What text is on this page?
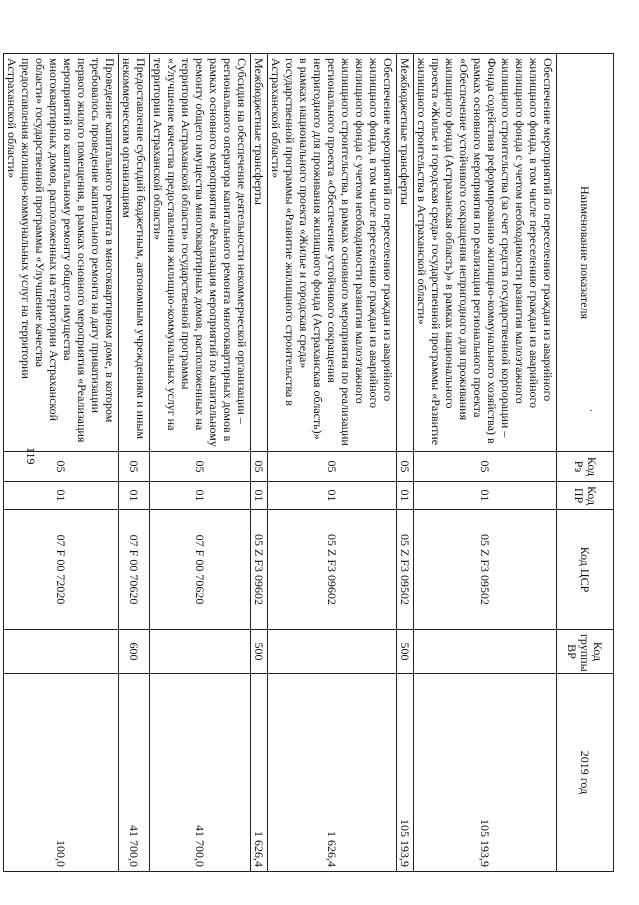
119
Наименование показателя	Код Рз	Код ПР	Код ЦСР	Код группы ВР	2019 год
Обеспечение мероприятий по переселению граждан из аварийного жилищного фонда, в том числе переселению граждан из аварийного жилищного фонда с учетом необходимости развития малоэтажного жилищного строительства (за счет средств государственной корпорации – Фонда содействия реформированию жилищно-коммунального хозяйства) в рамках основного мероприятия по реализации регионального проекта «Обеспечение устойчивого сокращения непригодного для проживания жилищного фонда (Астраханская область)» в рамках национального проекта «Жилье и городская среда» государственной программы «Развитие жилищного строительства в Астраханской области»	05	01	05 Z F3 09502		105 193,9
Межбюджетные трансферты	05	01	05 Z F3 09502	500	105 193,9
Обеспечение мероприятий по переселению граждан из аварийного жилищного фонда, в том числе переселению граждан из аварийного жилищного фонда с учетом необходимости развития малоэтажного жилищного строительства, в рамках основного мероприятия по реализации регионального проекта «Обеспечение устойчивого сокращения непригодного для проживания жилищного фонда (Астраханская область)» в рамках национального проекта «Жилье и городская среда» государственной программы «Развитие жилищного строительства в Астраханской области»	05	01	05 Z F3 09602		1 626,4
Межбюджетные трансферты	05	01	05 Z F3 09602	500	1 626,4
Субсидия на обеспечение деятельности некоммерческой организации – регионального оператора капитального ремонта многоквартирных домов в рамках основного мероприятия «Реализация мероприятий по капитальному ремонту общего имущества многоквартирных домов, расположенных на территории Астраханской области» государственной программы «Улучшение качества предоставления жилищно-коммунальных услуг на территории Астраханской области»	05	01	07 F 00 70620		41 700,0
Предоставление субсидий бюджетным, автономным учреждениям и иным некоммерческим организациям	05	01	07 F 00 70620	600	41 700,0
Проведение капитального ремонта в многоквартирном доме, в котором требовалось проведение капитального ремонта на дату приватизации первого жилого помещения, в рамках основного мероприятия «Реализация мероприятий по капитальному ремонту общего имущества многоквартирных домов, расположенных на территории Астраханской области» государственной программы «Улучшение качества предоставления жилищно-коммунальных услуг на территории Астраханской области»	05	01	07 F 00 72020		100,0
